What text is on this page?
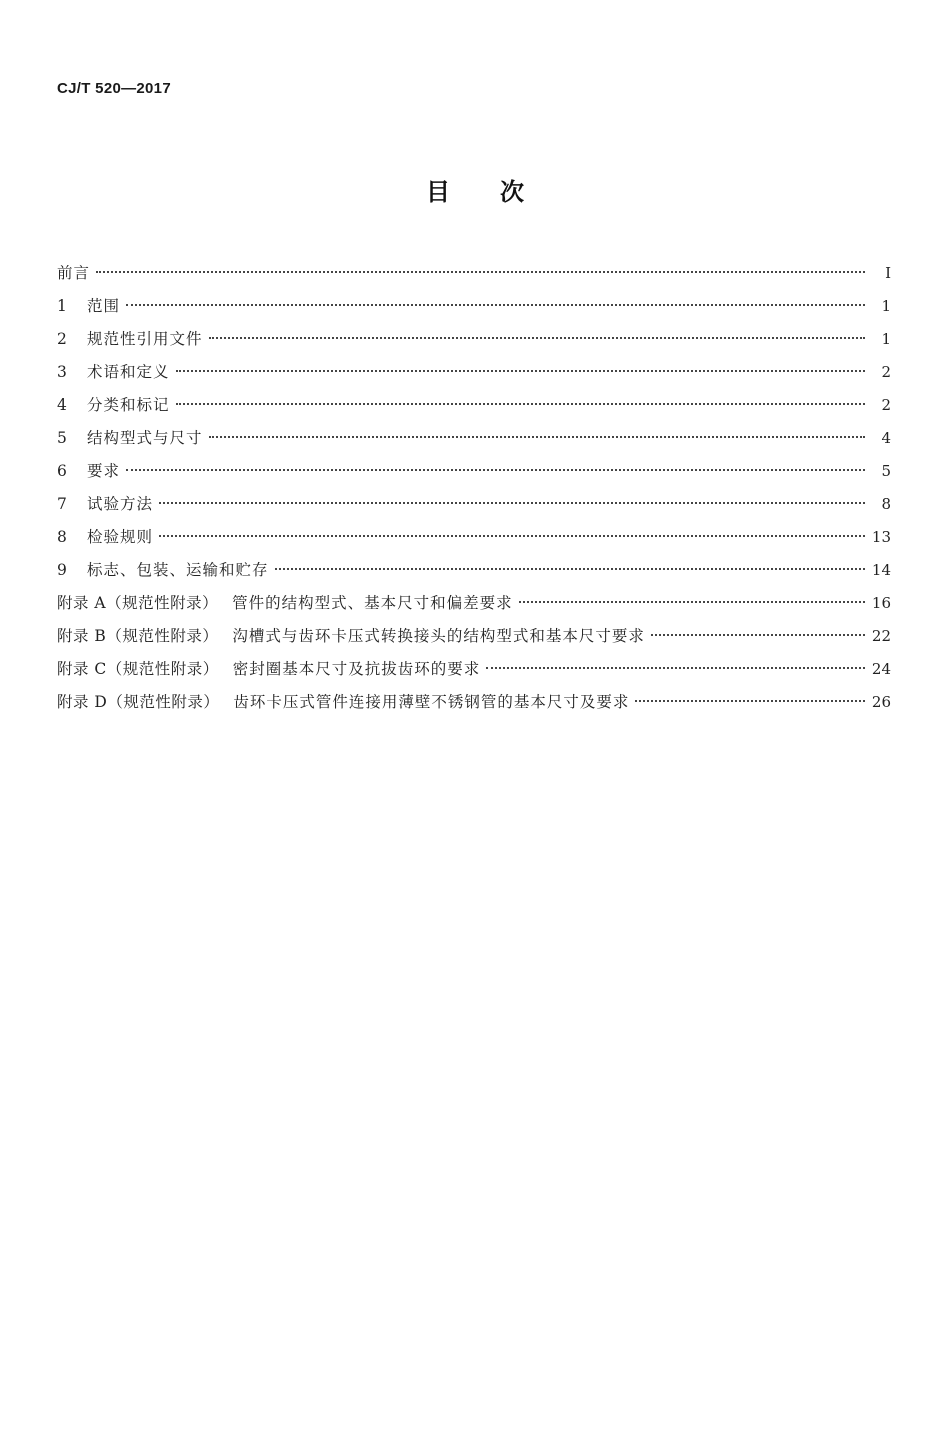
CJ/T 520—2017
目次
前言	Ⅰ
1	范围	1
2	规范性引用文件	1
3	术语和定义	2
4	分类和标记	2
5	结构型式与尺寸	4
6	要求	5
7	试验方法	8
8	检验规则	13
9	标志、包装、运输和贮存	14
附录 A（规范性附录） 管件的结构型式、基本尺寸和偏差要求	16
附录 B（规范性附录） 沟槽式与齿环卡压式转换接头的结构型式和基本尺寸要求	22
附录 C（规范性附录） 密封圈基本尺寸及抗拔齿环的要求	24
附录 D（规范性附录） 齿环卡压式管件连接用薄壁不锈钢管的基本尺寸及要求	26
